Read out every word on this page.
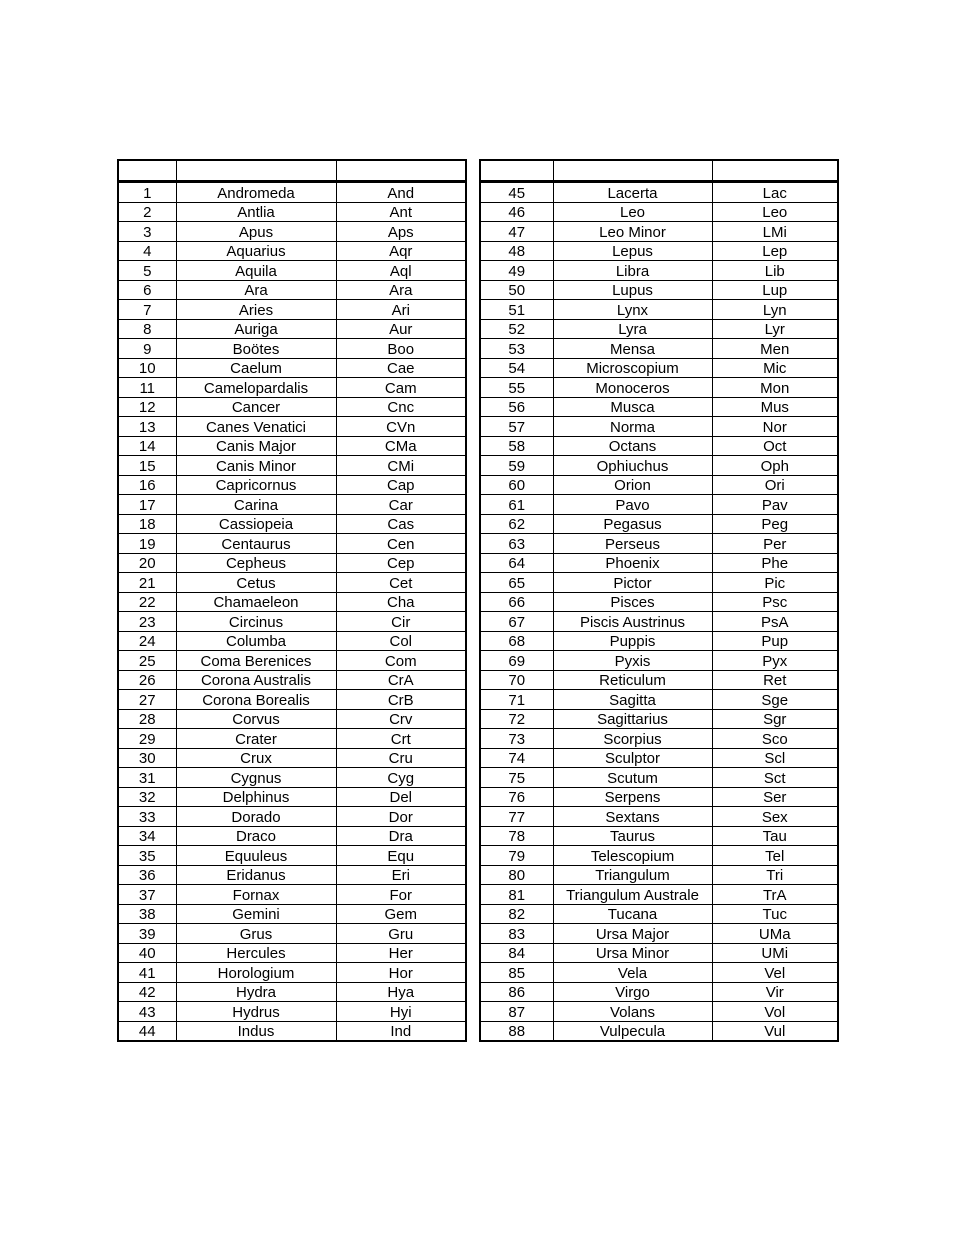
1	Andromeda	And
2	Antlia	Ant
3	Apus	Aps
4	Aquarius	Aqr
5	Aquila	Aql
6	Ara	Ara
7	Aries	Ari
8	Auriga	Aur
9	Boötes	Boo
10	Caelum	Cae
11	Camelopardalis	Cam
12	Cancer	Cnc
13	Canes Venatici	CVn
14	Canis Major	CMa
15	Canis Minor	CMi
16	Capricornus	Cap
17	Carina	Car
18	Cassiopeia	Cas
19	Centaurus	Cen
20	Cepheus	Cep
21	Cetus	Cet
22	Chamaeleon	Cha
23	Circinus	Cir
24	Columba	Col
25	Coma Berenices	Com
26	Corona Australis	CrA
27	Corona Borealis	CrB
28	Corvus	Crv
29	Crater	Crt
30	Crux	Cru
31	Cygnus	Cyg
32	Delphinus	Del
33	Dorado	Dor
34	Draco	Dra
35	Equuleus	Equ
36	Eridanus	Eri
37	Fornax	For
38	Gemini	Gem
39	Grus	Gru
40	Hercules	Her
41	Horologium	Hor
42	Hydra	Hya
43	Hydrus	Hyi
44	Indus	Ind

45	Lacerta	Lac
46	Leo	Leo
47	Leo Minor	LMi
48	Lepus	Lep
49	Libra	Lib
50	Lupus	Lup
51	Lynx	Lyn
52	Lyra	Lyr
53	Mensa	Men
54	Microscopium	Mic
55	Monoceros	Mon
56	Musca	Mus
57	Norma	Nor
58	Octans	Oct
59	Ophiuchus	Oph
60	Orion	Ori
61	Pavo	Pav
62	Pegasus	Peg
63	Perseus	Per
64	Phoenix	Phe
65	Pictor	Pic
66	Pisces	Psc
67	Piscis Austrinus	PsA
68	Puppis	Pup
69	Pyxis	Pyx
70	Reticulum	Ret
71	Sagitta	Sge
72	Sagittarius	Sgr
73	Scorpius	Sco
74	Sculptor	Scl
75	Scutum	Sct
76	Serpens	Ser
77	Sextans	Sex
78	Taurus	Tau
79	Telescopium	Tel
80	Triangulum	Tri
81	Triangulum Australe	TrA
82	Tucana	Tuc
83	Ursa Major	UMa
84	Ursa Minor	UMi
85	Vela	Vel
86	Virgo	Vir
87	Volans	Vol
88	Vulpecula	Vul
